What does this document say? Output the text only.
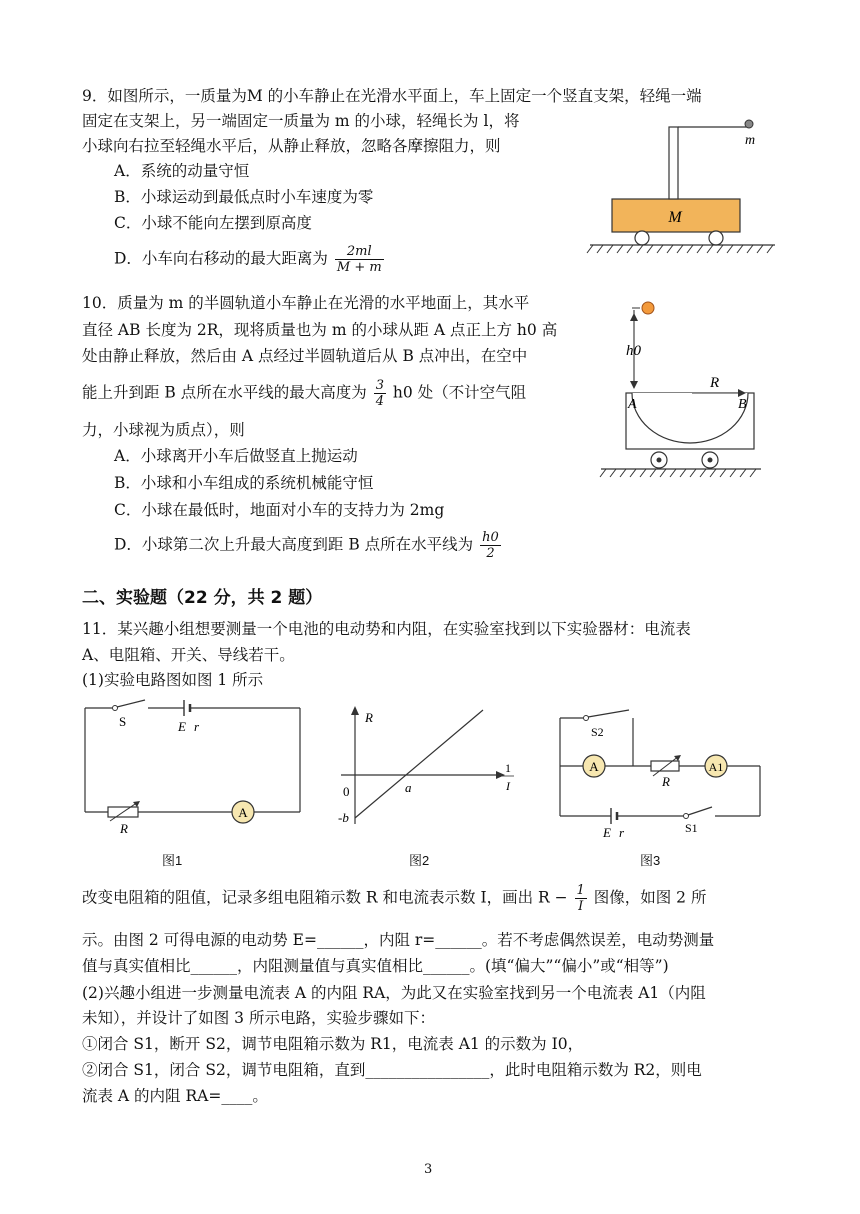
9．如图所示，一质量为M 的小车静止在光滑水平面上，车上固定一个竖直支架，轻绳一端
固定在支架上，另一端固定一质量为 m 的小球，轻绳长为 l，将
小球向右拉至轻绳水平后，从静止释放，忽略各摩擦阻力，则
A．系统的动量守恒
B．小球运动到最低点时小车速度为零
C．小球不能向左摆到原高度
D．小车向右移动的最大距离为 $\frac{2ml}{M + m}$
M
m
10．质量为 m 的半圆轨道小车静止在光滑的水平地面上，其水平
直径 AB 长度为 2R，现将质量也为 m 的小球从距 A 点正上方 h0 高
处由静止释放，然后由 A 点经过半圆轨道后从 B 点冲出，在空中
能上升到距 B 点所在水平线的最大高度为 $\frac{3}{4} h0$ 处（不计空气阻
力，小球视为质点），则
A．小球离开小车后做竖直上抛运动
B．小球和小车组成的系统机械能守恒
C．小球在最低时，地面对小车的支持力为 2mg
D．小球第二次上升最大高度到距 B 点所在水平线为 $\frac{h0}{2}$
h0
R
A	B
二、实验题（22 分，共 2 题）
11．某兴趣小组想要测量一个电池的电动势和内阻，在实验室找到以下实验器材：电流表
A、电阻箱、开关、导线若干。
(1)实验电路图如图 1 所示
S	E r
R
A
图1
R
0	a
-b
1
I
图2
A
R
A1
S2
E r	S1
图3
改变电阻箱的阻值，记录多组电阻箱示数 R 和电流表示数 I，画出 $R - \frac{1}{I}$ 图像，如图 2 所
示。由图 2 可得电源的电动势 E=______，内阻 r=______。若不考虑偶然误差，电动势测量
值与真实值相比______，内阻测量值与真实值相比______。(填“偏大”“偏小”或“相等”)
(2)兴趣小组进一步测量电流表 A 的内阻 RA，为此又在实验室找到另一个电流表 A1（内阻
未知），并设计了如图 3 所示电路，实验步骤如下：
①闭合 S1，断开 S2，调节电阻箱示数为 R1，电流表 A1 的示数为 I0，
②闭合 S1，闭合 S2，调节电阻箱，直到________________，此时电阻箱示数为 R2，则电
流表 A 的内阻 RA=____。
3
